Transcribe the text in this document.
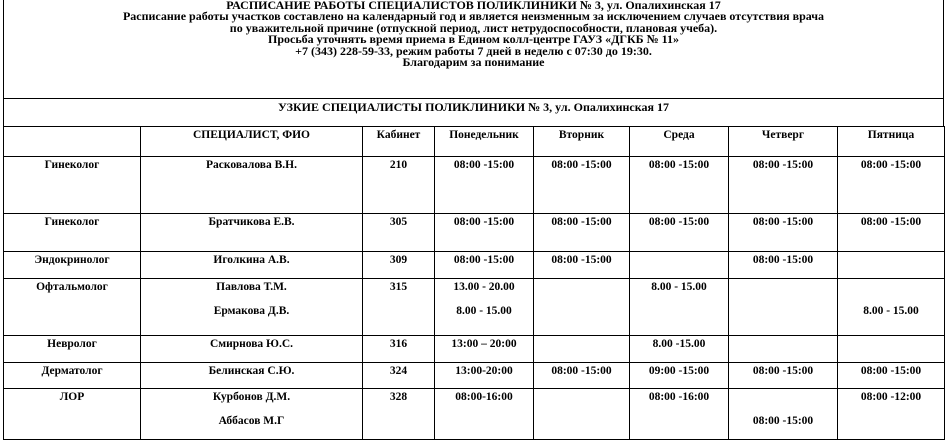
РАСПИСАНИЕ РАБОТЫ СПЕЦИАЛИСТОВ ПОЛИКЛИНИКИ № 3, ул. Опалихинская 17

Расписание работы участков составлено на календарный год и является неизменным за исключением случаев отсутствия врача

по уважительной причине (отпускной период, лист нетрудоспособности, плановая учеба).

Просьба уточнять время приема в Едином колл-центре ГАУЗ «ДГКБ № 11»

+7 (343) 228-59-33, режим работы 7 дней в неделю с 07:30 до 19:30.

Благодарим за понимание

УЗКИЕ СПЕЦИАЛИСТЫ ПОЛИКЛИНИКИ № 3, ул. Опалихинская 17
	СПЕЦИАЛИСТ, ФИО	Кабинет	Понедельник	Вторник	Среда	Четверг	Пятница

Гинеколог	Расковалова В.Н.	210	08:00 -15:00	08:00 -15:00	08:00 -15:00	08:00 -15:00	08:00 -15:00

Гинеколог	Братчикова Е.В.	305	08:00 -15:00	08:00 -15:00	08:00 -15:00	08:00 -15:00	08:00 -15:00

Эндокринолог	Иголкина А.В.	309	08:00 -15:00	08:00 -15:00		08:00 -15:00	

Офтальмолог	Павлова Т.М.
Ермакова Д.В.	315	13.00 - 20.00
8.00 - 15.00		8.00 - 15.00		8.00 - 15.00

Невролог	Смирнова Ю.С.	316	13:00 – 20:00		8.00 -15.00		

Дерматолог	Белинская С.Ю.	324	13:00-20:00	08:00 -15:00	09:00 -15:00	08:00 -15:00	08:00 -15:00

ЛОР	Курбонов Д.М.
Аббасов М.Г	328	08:00-16:00		08:00 -16:00	08:00 -15:00	08:00 -12:00
